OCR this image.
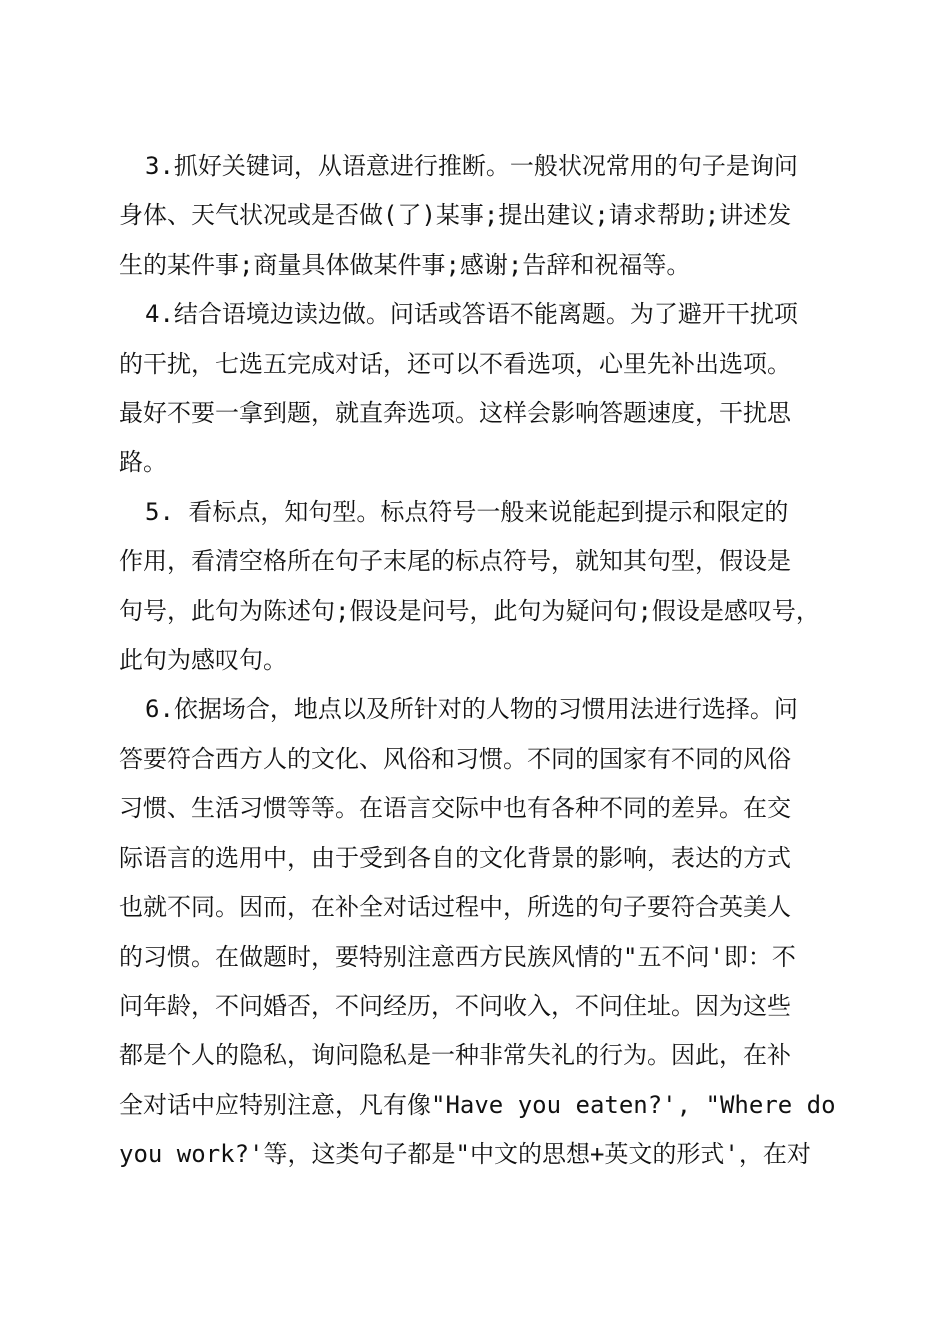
3.抓好关键词，从语意进行推断。一般状况常用的句子是询问
身体、天气状况或是否做(了)某事;提出建议;请求帮助;讲述发
生的某件事;商量具体做某件事;感谢;告辞和祝福等。

4.结合语境边读边做。问话或答语不能离题。为了避开干扰项
的干扰，七选五完成对话，还可以不看选项，心里先补出选项。
最好不要一拿到题，就直奔选项。这样会影响答题速度，干扰思
路。

5. 看标点，知句型。标点符号一般来说能起到提示和限定的
作用，看清空格所在句子末尾的标点符号，就知其句型，假设是
句号，此句为陈述句;假设是问号，此句为疑问句;假设是感叹号，
此句为感叹句。

6.依据场合，地点以及所针对的人物的习惯用法进行选择。问
答要符合西方人的文化、风俗和习惯。不同的国家有不同的风俗
习惯、生活习惯等等。在语言交际中也有各种不同的差异。在交
际语言的选用中，由于受到各自的文化背景的影响，表达的方式
也就不同。因而，在补全对话过程中，所选的句子要符合英美人
的习惯。在做题时，要特别注意西方民族风情的"五不问'即：不
问年龄，不问婚否，不问经历，不问收入，不问住址。因为这些
都是个人的隐私，询问隐私是一种非常失礼的行为。因此，在补
全对话中应特别注意，凡有像"Have you eaten?', "Where do
you work?'等，这类句子都是"中文的思想+英文的形式'，在对
